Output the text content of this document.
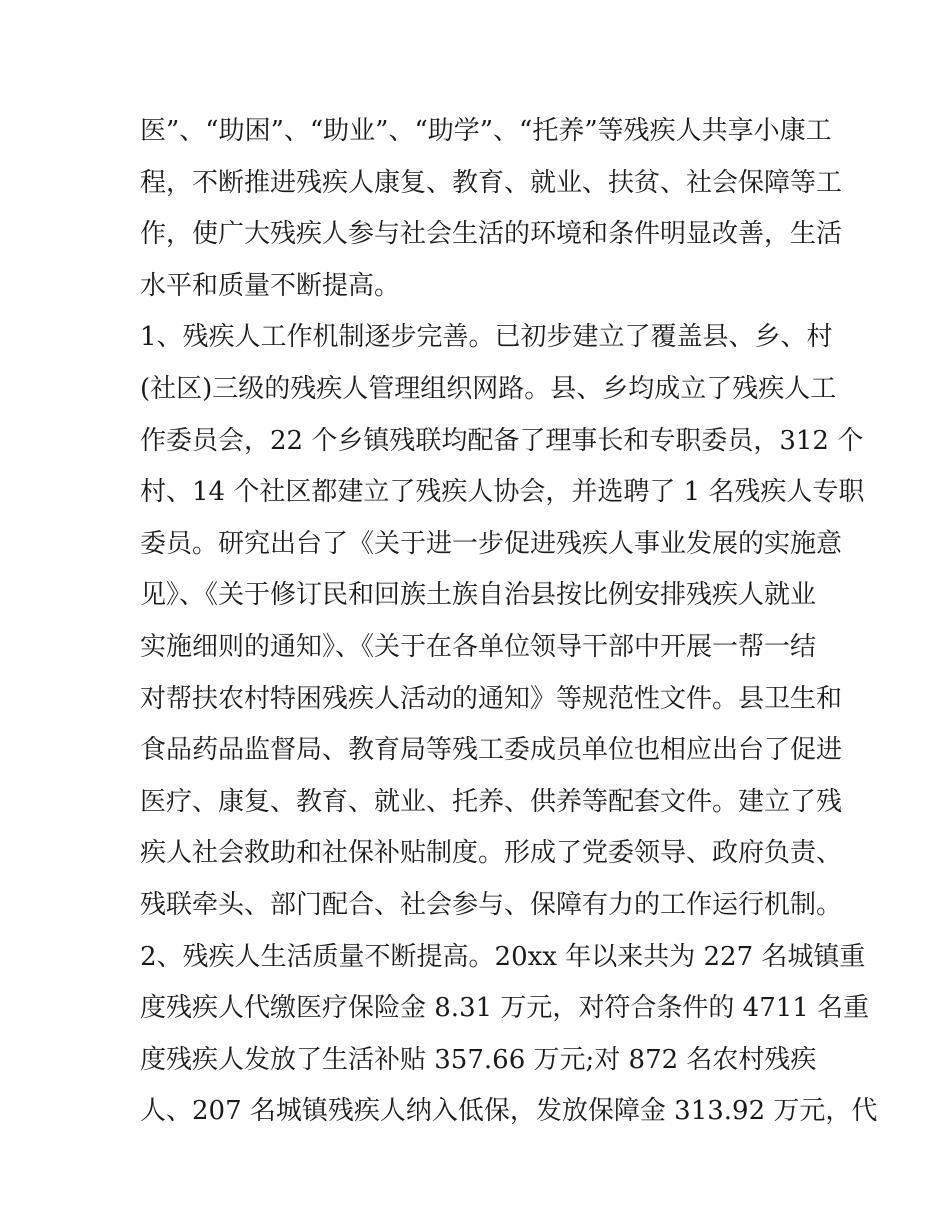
医”、“助困”、“助业”、“助学”、“托养”等残疾人共享小康工
程，不断推进残疾人康复、教育、就业、扶贫、社会保障等工
作，使广大残疾人参与社会生活的环境和条件明显改善，生活
水平和质量不断提高。
1、残疾人工作机制逐步完善。已初步建立了覆盖县、乡、村
(社区)三级的残疾人管理组织网路。县、乡均成立了残疾人工
作委员会，22 个乡镇残联均配备了理事长和专职委员，312 个
村、14 个社区都建立了残疾人协会，并选聘了 1 名残疾人专职
委员。研究出台了《关于进一步促进残疾人事业发展的实施意
见》、《关于修订民和回族土族自治县按比例安排残疾人就业
实施细则的通知》、《关于在各单位领导干部中开展一帮一结
对帮扶农村特困残疾人活动的通知》等规范性文件。县卫生和
食品药品监督局、教育局等残工委成员单位也相应出台了促进
医疗、康复、教育、就业、托养、供养等配套文件。建立了残
疾人社会救助和社保补贴制度。形成了党委领导、政府负责、
残联牵头、部门配合、社会参与、保障有力的工作运行机制。
2、残疾人生活质量不断提高。20xx 年以来共为 227 名城镇重
度残疾人代缴医疗保险金 8.31 万元，对符合条件的 4711 名重
度残疾人发放了生活补贴 357.66 万元;对 872 名农村残疾
人、207 名城镇残疾人纳入低保，发放保障金 313.92 万元，代
